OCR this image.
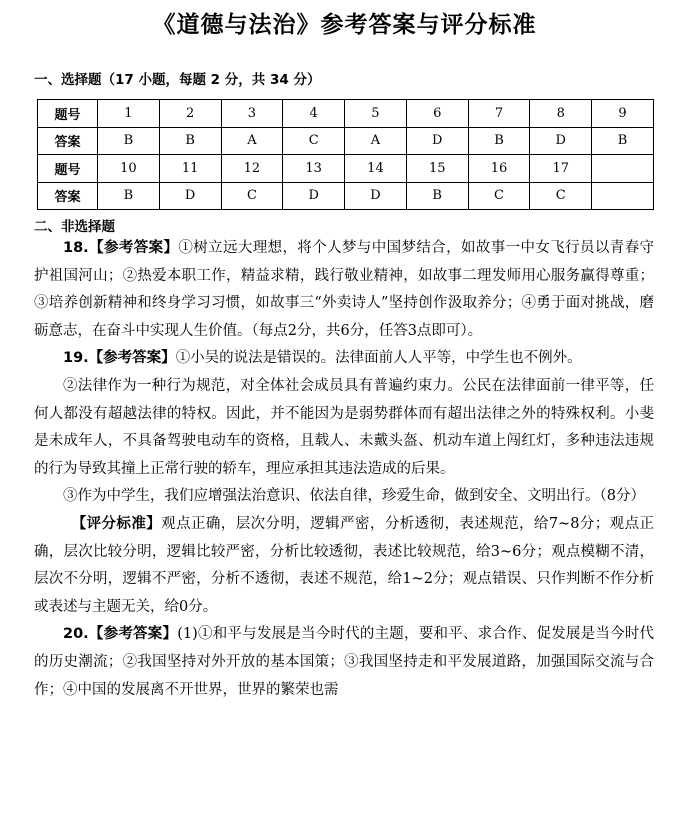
《道德与法治》参考答案与评分标准
一、选择题（17 小题，每题 2 分，共 34 分）
题号	1	2	3	4	5	6	7	8	9
答案	B	B	A	C	A	D	B	D	B
题号	10	11	12	13	14	15	16	17	
答案	B	D	C	D	D	B	C	C	
二、非选择题

18.【参考答案】①树立远大理想，将个人梦与中国梦结合，如故事一中女飞行员以青春守护祖国河山；②热爱本职工作，精益求精，践行敬业精神，如故事二理发师用心服务赢得尊重；③培养创新精神和终身学习习惯，如故事三“外卖诗人”坚持创作汲取养分；④勇于面对挑战，磨砺意志，在奋斗中实现人生价值。（每点2分，共6分，任答3点即可）。

19.【参考答案】①小吴的说法是错误的。法律面前人人平等，中学生也不例外。

②法律作为一种行为规范，对全体社会成员具有普遍约束力。公民在法律面前一律平等，任何人都没有超越法律的特权。因此，并不能因为是弱势群体而有超出法律之外的特殊权利。小斐是未成年人，不具备驾驶电动车的资格，且载人、未戴头盔、机动车道上闯红灯，多种违法违规的行为导致其撞上正常行驶的轿车，理应承担其违法造成的后果。

③作为中学生，我们应增强法治意识、依法自律，珍爱生命，做到安全、文明出行。（8分）

【评分标准】观点正确，层次分明，逻辑严密，分析透彻，表述规范，给7~8分；观点正确，层次比较分明，逻辑比较严密，分析比较透彻，表述比较规范，给3~6分；观点模糊不清，层次不分明，逻辑不严密，分析不透彻，表述不规范，给1~2分；观点错误、只作判断不作分析或表述与主题无关，给0分。

20.【参考答案】(1)①和平与发展是当今时代的主题，要和平、求合作、促发展是当今时代的历史潮流；②我国坚持对外开放的基本国策；③我国坚持走和平发展道路，加强国际交流与合作；④中国的发展离不开世界，世界的繁荣也需
